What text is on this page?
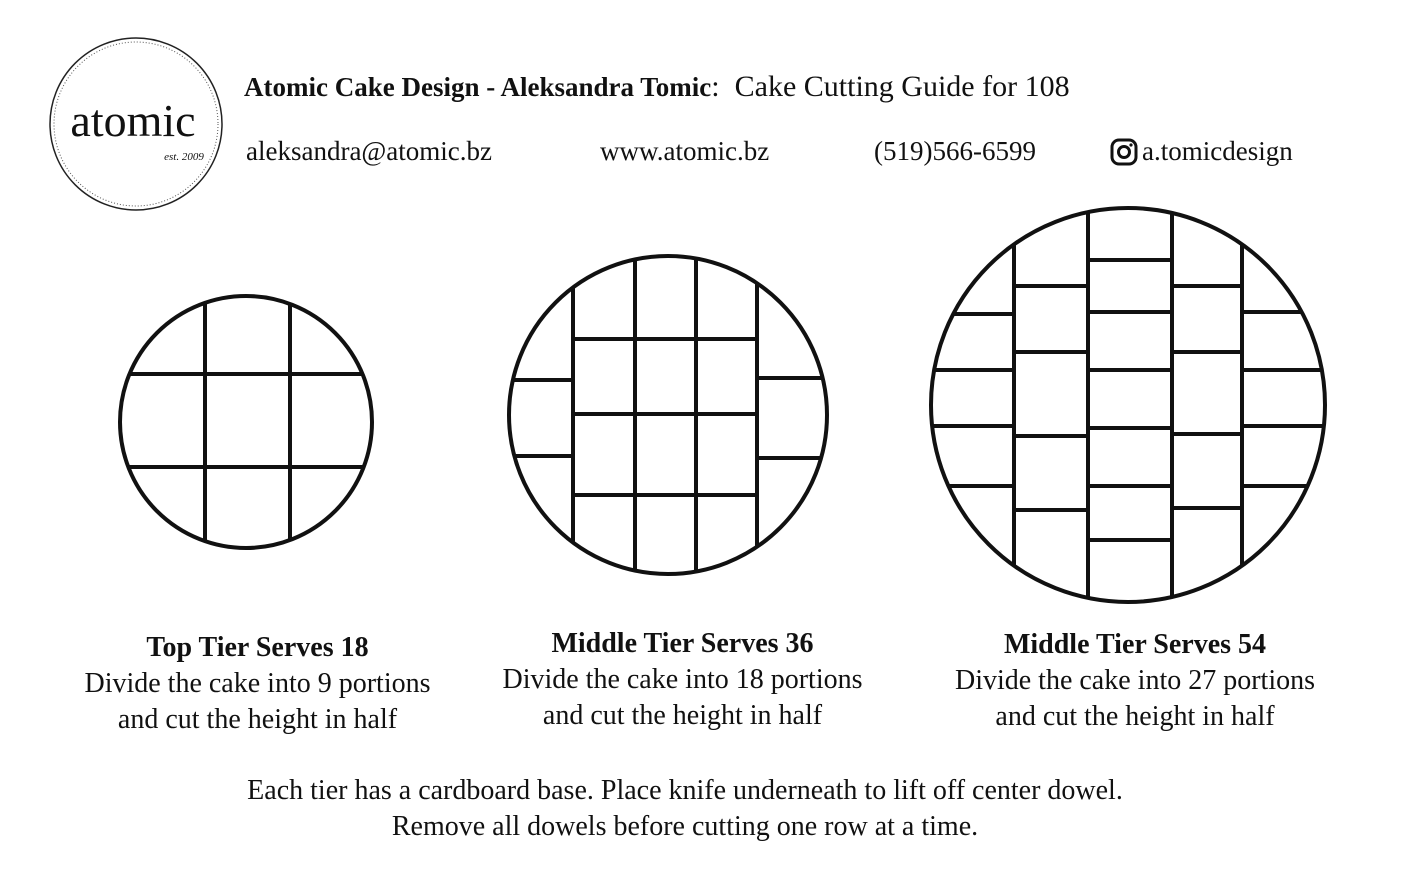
atomic
est. 2009
Atomic Cake Design - Aleksandra Tomic: Cake Cutting Guide for 108
aleksandra@atomic.bz	www.atomic.bz	(519)566-6599	a.tomicdesign
Top Tier Serves 18
Divide the cake into 9 portions
and cut the height in half
Middle Tier Serves 36
Divide the cake into 18 portions
and cut the height in half
Middle Tier Serves 54
Divide the cake into 27 portions
and cut the height in half
Each tier has a cardboard base. Place knife underneath to lift off center dowel.
Remove all dowels before cutting one row at a time.
